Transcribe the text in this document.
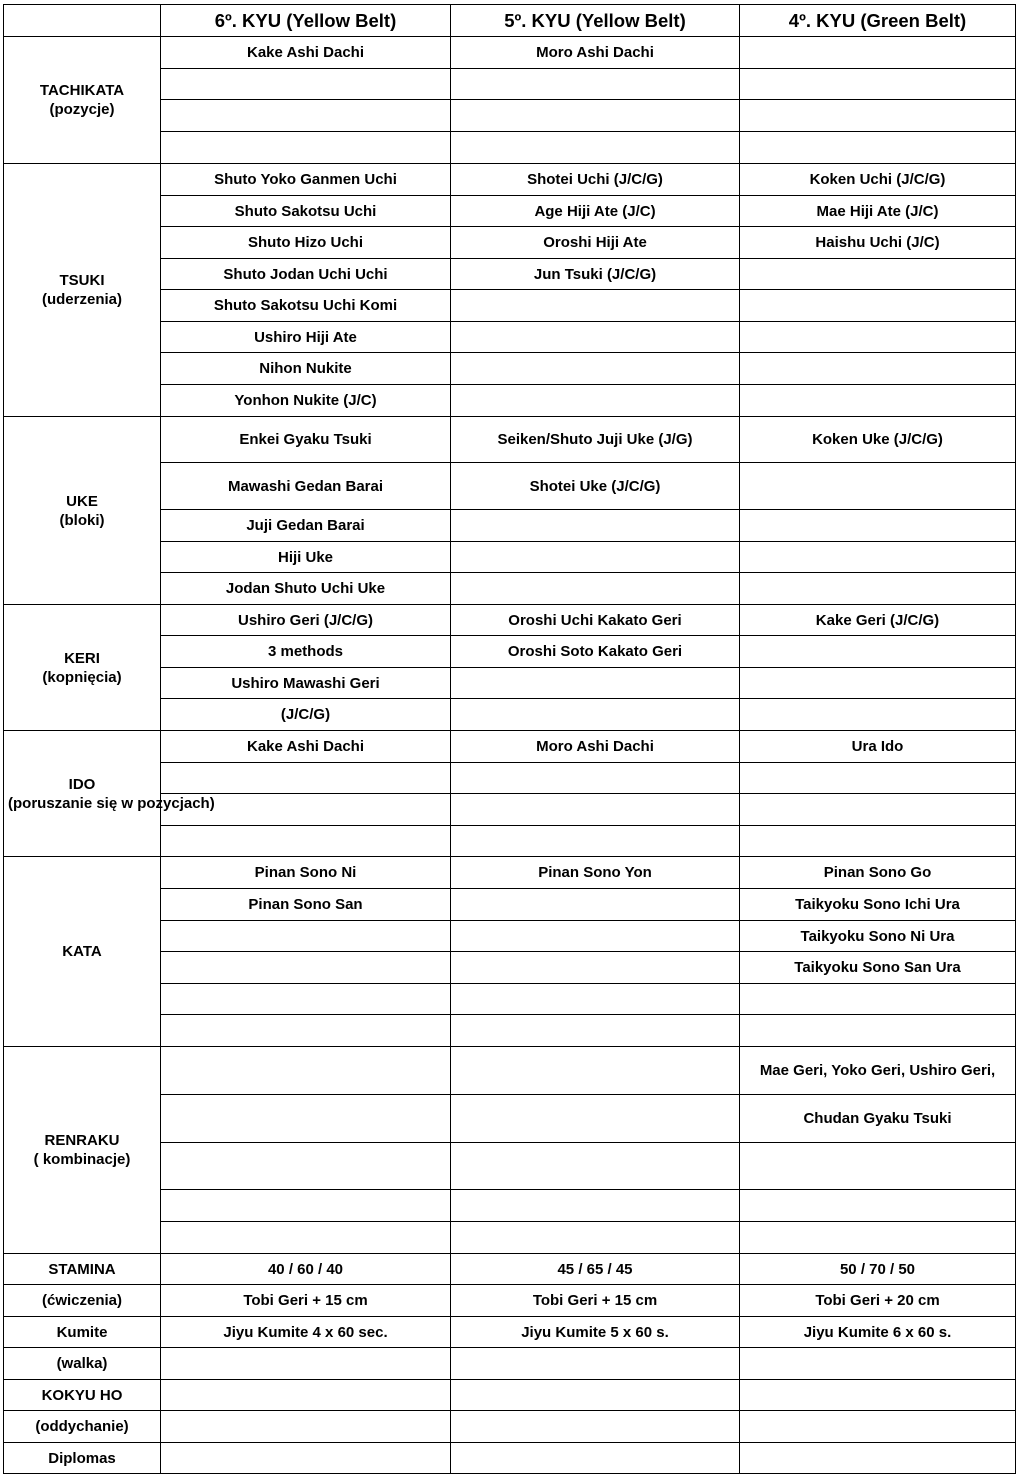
	6º. KYU (Yellow Belt)	5º. KYU (Yellow Belt)	4º. KYU (Green Belt)

TACHIKATA
(pozycje)	Kake Ashi Dachi	Moro Ashi Dachi	

TSUKI
(uderzenia)	Shuto Yoko Ganmen Uchi	Shotei Uchi (J/C/G)	Koken Uchi (J/C/G)
	Shuto Sakotsu Uchi	Age Hiji Ate (J/C)	Mae Hiji Ate (J/C)
	Shuto Hizo Uchi	Oroshi Hiji Ate	Haishu Uchi (J/C)
	Shuto Jodan Uchi Uchi	Jun Tsuki (J/C/G)	
	Shuto Sakotsu Uchi Komi		
	Ushiro Hiji Ate		
	Nihon Nukite		
	Yonhon Nukite (J/C)		

UKE
(bloki)	Enkei Gyaku Tsuki	Seiken/Shuto Juji Uke (J/G)	Koken Uke (J/C/G)
	Mawashi Gedan Barai	Shotei Uke (J/C/G)	
	Juji Gedan Barai		
	Hiji Uke		
	Jodan Shuto Uchi Uke		

KERI
(kopnięcia)	Ushiro Geri (J/C/G)	Oroshi Uchi Kakato Geri	Kake Geri (J/C/G)
	3 methods	Oroshi Soto Kakato Geri	
	Ushiro Mawashi Geri		
	(J/C/G)		

IDO
(poruszanie się w pozycjach)	Kake Ashi Dachi	Moro Ashi Dachi	Ura Ido

KATA	Pinan Sono Ni	Pinan Sono Yon	Pinan Sono Go
	Pinan Sono San		Taikyoku Sono Ichi Ura
			Taikyoku Sono Ni Ura
			Taikyoku Sono San Ura

RENRAKU
( kombinacje)			Mae Geri, Yoko Geri, Ushiro Geri,
			Chudan Gyaku Tsuki

STAMINA	40 / 60 / 40	45 / 65 / 45	50 / 70 / 50
(ćwiczenia)	Tobi Geri + 15 cm	Tobi Geri + 15 cm	Tobi Geri + 20 cm
Kumite	Jiyu Kumite 4 x 60 sec.	Jiyu Kumite 5 x 60 s.	Jiyu Kumite 6 x 60 s.
(walka)			
KOKYU HO			
(oddychanie)			
Diplomas			
